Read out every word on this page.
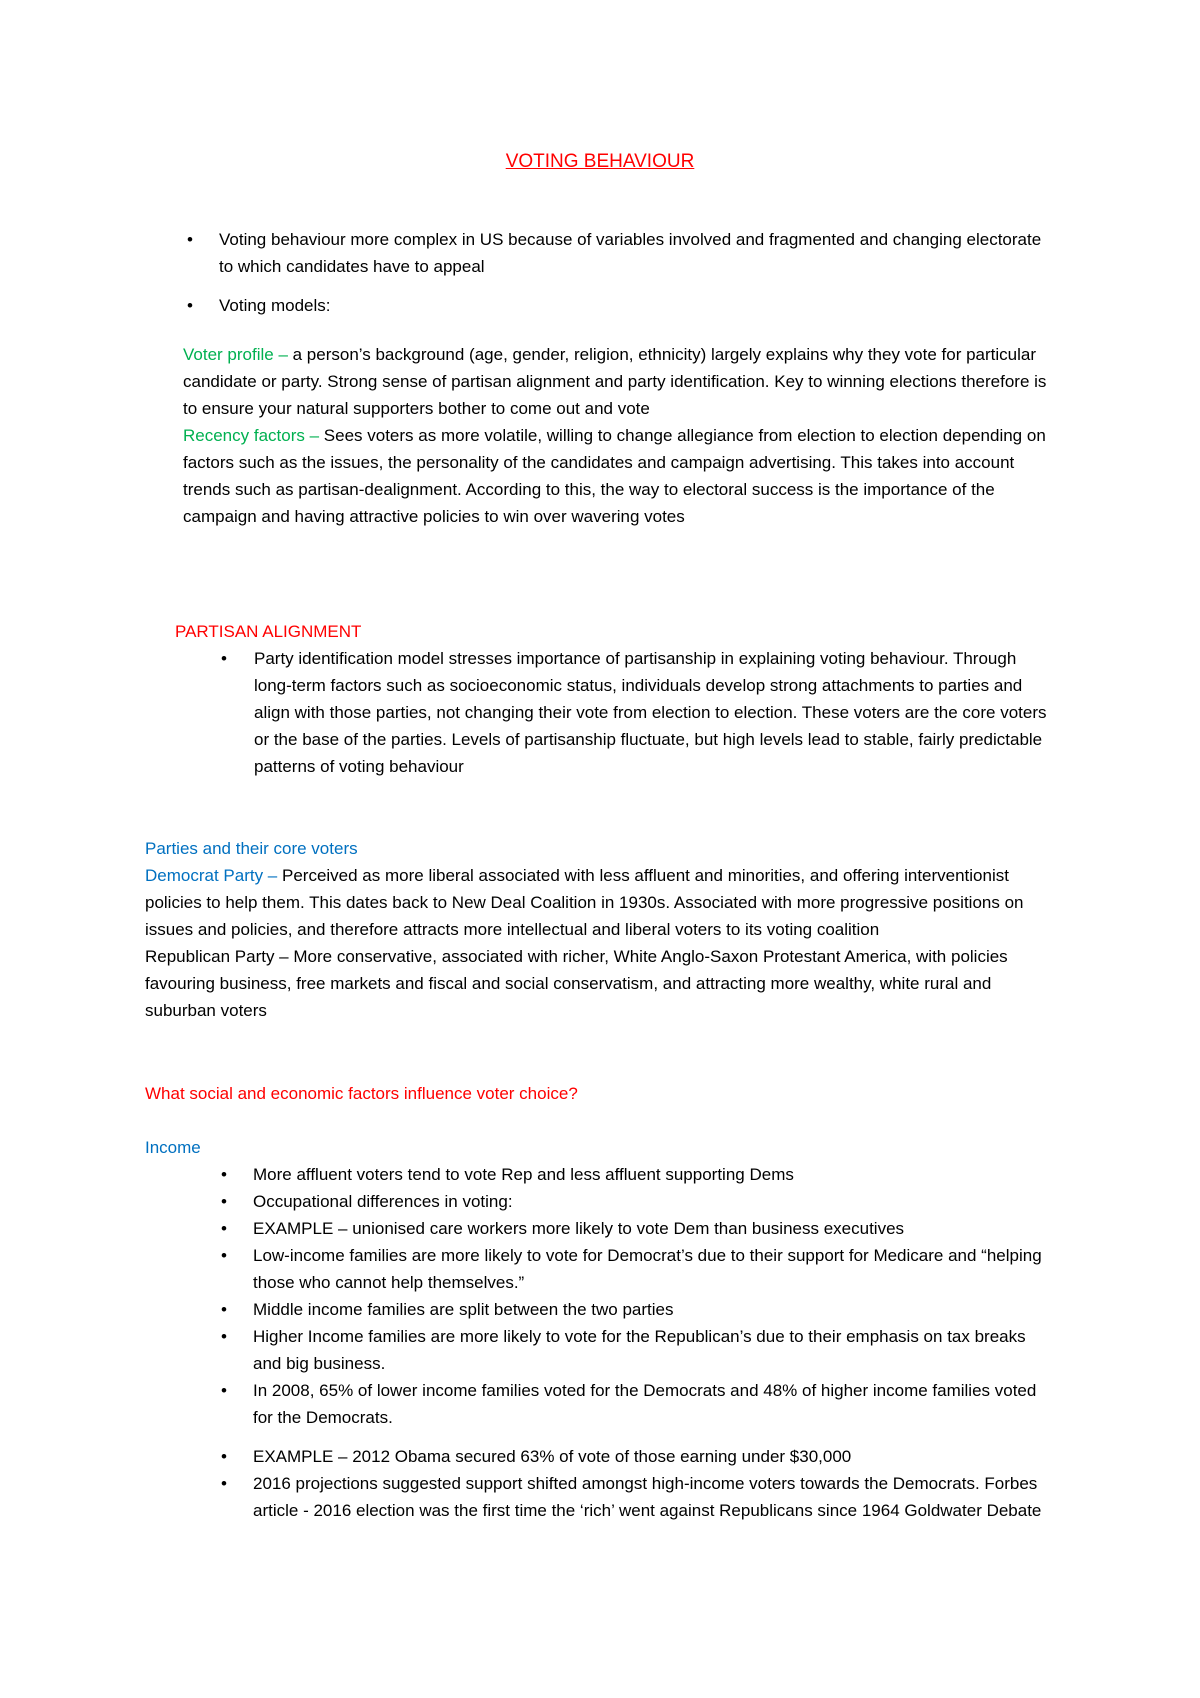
VOTING BEHAVIOUR
• Voting behaviour more complex in US because of variables involved and fragmented and changing electorate to which candidates have to appeal
• Voting models:

Voter profile – a person’s background (age, gender, religion, ethnicity) largely explains why they vote for particular candidate or party. Strong sense of partisan alignment and party identification. Key to winning elections therefore is to ensure your natural supporters bother to come out and vote

Recency factors – Sees voters as more volatile, willing to change allegiance from election to election depending on factors such as the issues, the personality of the candidates and campaign advertising. This takes into account trends such as partisan-dealignment. According to this, the way to electoral success is the importance of the campaign and having attractive policies to win over wavering votes

PARTISAN ALIGNMENT

• Party identification model stresses importance of partisanship in explaining voting behaviour. Through long-term factors such as socioeconomic status, individuals develop strong attachments to parties and align with those parties, not changing their vote from election to election. These voters are the core voters or the base of the parties. Levels of partisanship fluctuate, but high levels lead to stable, fairly predictable patterns of voting behaviour

Parties and their core voters

Democrat Party – Perceived as more liberal associated with less affluent and minorities, and offering interventionist policies to help them. This dates back to New Deal Coalition in 1930s. Associated with more progressive positions on issues and policies, and therefore attracts more intellectual and liberal voters to its voting coalition

Republican Party – More conservative, associated with richer, White Anglo-Saxon Protestant America, with policies favouring business, free markets and fiscal and social conservatism, and attracting more wealthy, white rural and suburban voters

What social and economic factors influence voter choice?

Income

• More affluent voters tend to vote Rep and less affluent supporting Dems
• Occupational differences in voting:
• EXAMPLE – unionised care workers more likely to vote Dem than business executives
• Low-income families are more likely to vote for Democrat’s due to their support for Medicare and “helping those who cannot help themselves.”
• Middle income families are split between the two parties
• Higher Income families are more likely to vote for the Republican’s due to their emphasis on tax breaks and big business.
• In 2008, 65% of lower income families voted for the Democrats and 48% of higher income families voted for the Democrats.
• EXAMPLE – 2012 Obama secured 63% of vote of those earning under $30,000
• 2016 projections suggested support shifted amongst high-income voters towards the Democrats. Forbes article - 2016 election was the first time the ‘rich’ went against Republicans since 1964 Goldwater Debate
